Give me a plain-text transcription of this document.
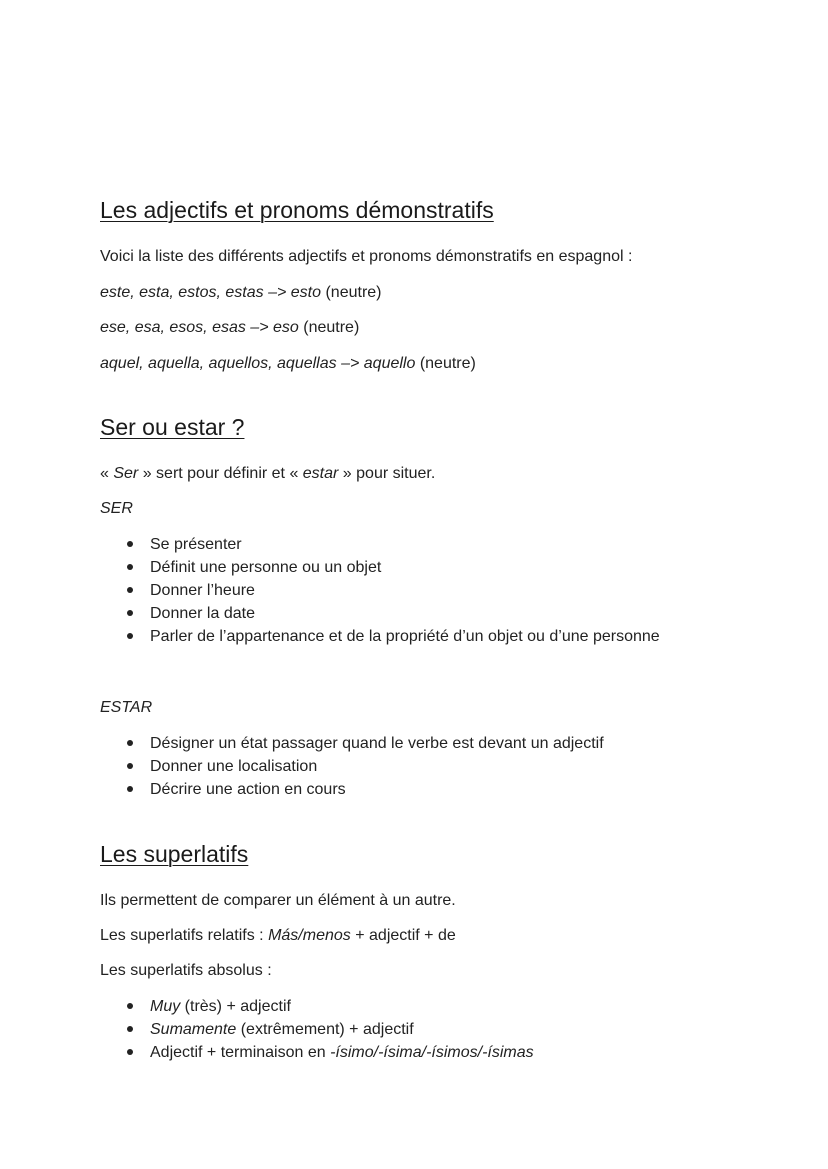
Les adjectifs et pronoms démonstratifs

Voici la liste des différents adjectifs et pronoms démonstratifs en espagnol :

este, esta, estos, estas –> esto (neutre)

ese, esa, esos, esas –> eso (neutre)

aquel, aquella, aquellos, aquellas –> aquello (neutre)

Ser ou estar ?

« Ser » sert pour définir et « estar » pour situer.

SER

Se présenter
Définit une personne ou un objet
Donner l’heure
Donner la date
Parler de l’appartenance et de la propriété d’un objet ou d’une personne

ESTAR

Désigner un état passager quand le verbe est devant un adjectif
Donner une localisation
Décrire une action en cours
Les superlatifs

Ils permettent de comparer un élément à un autre.

Les superlatifs relatifs : Más/menos + adjectif + de

Les superlatifs absolus :

Muy (très) + adjectif
Sumamente (extrêmement) + adjectif
Adjectif + terminaison en -ísimo/-ísima/-ísimos/-ísimas
